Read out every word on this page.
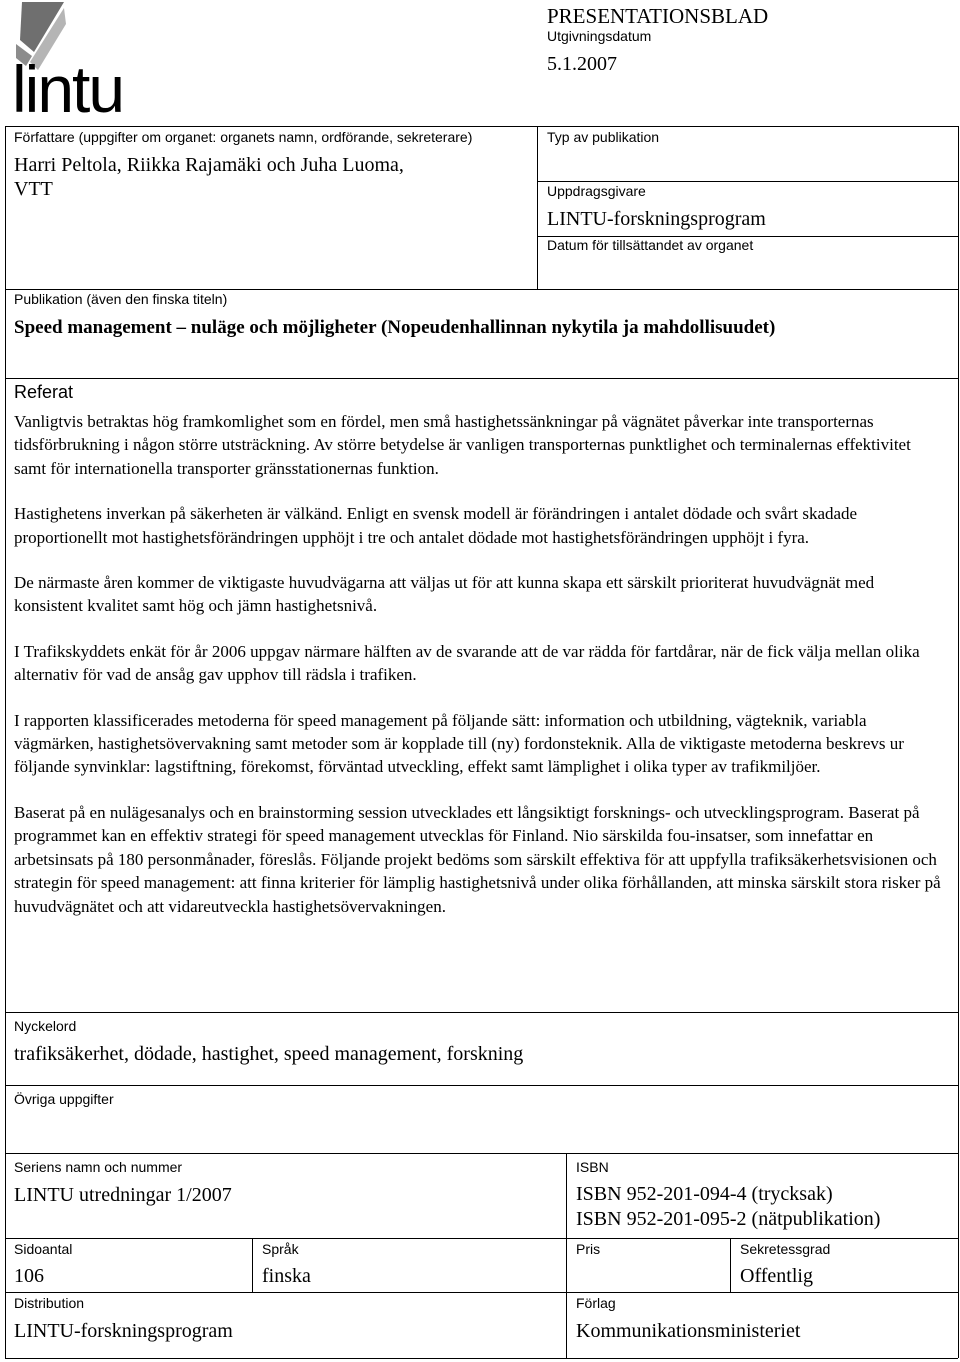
lintu
PRESENTATIONSBLAD
Utgivningsdatum
5.1.2007
Författare (uppgifter om organet: organets namn, ordförande, sekreterare)
Harri Peltola, Riikka Rajamäki och Juha Luoma,
VTT
Typ av publikation
Uppdragsgivare
LINTU-forskningsprogram
Datum för tillsättandet av organet
Publikation (även den finska titeln)
Speed management – nuläge och möjligheter (Nopeudenhallinnan nykytila ja mahdollisuudet)
Referat

Vanligtvis betraktas hög framkomlighet som en fördel, men små hastighetssänkningar på vägnätet påverkar inte transporternas tidsförbrukning i någon större utsträckning. Av större betydelse är vanligen transporternas punktlighet och terminalernas effektivitet samt för internationella transporter gränsstationernas funktion.

Hastighetens inverkan på säkerheten är välkänd. Enligt en svensk modell är förändringen i antalet dödade och svårt skadade proportionellt mot hastighetsförändringen upphöjt i tre och antalet dödade mot hastighetsförändringen upphöjt i fyra.

De närmaste åren kommer de viktigaste huvudvägarna att väljas ut för att kunna skapa ett särskilt prioriterat huvudvägnät med konsistent kvalitet samt hög och jämn hastighetsnivå.

I Trafikskyddets enkät för år 2006 uppgav närmare hälften av de svarande att de var rädda för fartdårar, när de fick välja mellan olika alternativ för vad de ansåg gav upphov till rädsla i trafiken.

I rapporten klassificerades metoderna för speed management på följande sätt: information och utbildning, vägteknik, variabla vägmärken, hastighetsövervakning samt metoder som är kopplade till (ny) fordonsteknik. Alla de viktigaste metoderna beskrevs ur följande synvinklar: lagstiftning, förekomst, förväntad utveckling, effekt samt lämplighet i olika typer av trafikmiljöer.

Baserat på en nulägesanalys och en brainstorming session utvecklades ett långsiktigt forsknings- och utvecklingsprogram. Baserat på programmet kan en effektiv strategi för speed management utvecklas för Finland. Nio särskilda fou-insatser, som innefattar en arbetsinsats på 180 personmånader, föreslås. Följande projekt bedöms som särskilt effektiva för att uppfylla trafiksäkerhetsvisionen och strategin för speed management: att finna kriterier för lämplig hastighetsnivå under olika förhållanden, att minska särskilt stora risker på huvudvägnätet och att vidareutveckla hastighetsövervakningen.

Nyckelord
trafiksäkerhet, dödade, hastighet, speed management, forskning
Övriga uppgifter
Seriens namn och nummer
LINTU utredningar 1/2007
ISBN
ISBN 952-201-094-4 (trycksak)
ISBN 952-201-095-2 (nätpublikation)
Sidoantal
106
Språk
finska
Pris	Sekretessgrad
Offentlig
Distribution
LINTU-forskningsprogram
Förlag
Kommunikationsministeriet
